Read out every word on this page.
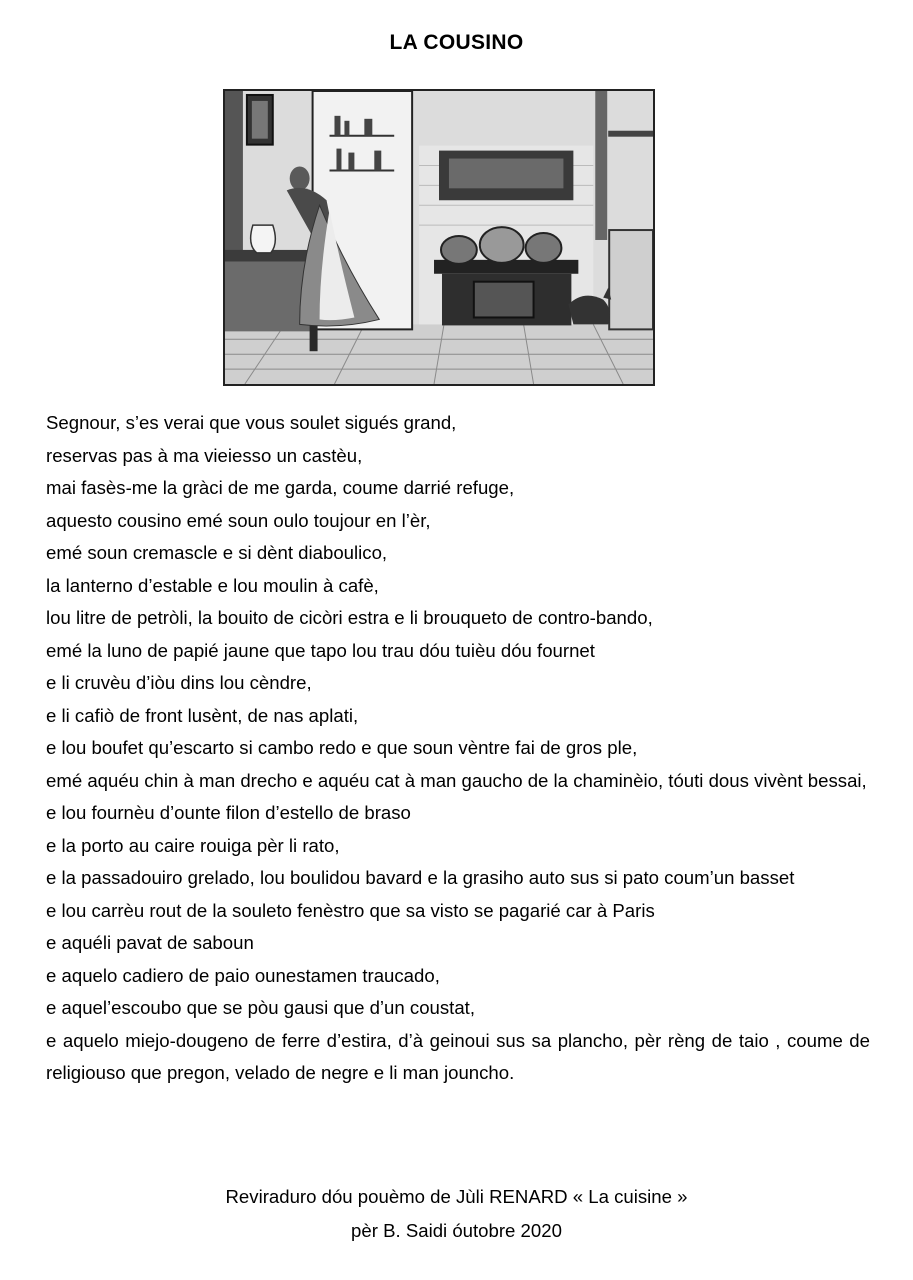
LA COUSINO
Segnour, s’es verai que vous soulet sigués grand,
reservas pas à ma vieiesso un castèu,
mai fasès-me la gràci de me garda, coume darrié refuge,
aquesto cousino emé soun oulo toujour en l’èr,
emé soun cremascle e si dènt diaboulico,
la lanterno d’estable e lou moulin à cafè,
lou litre de petròli, la bouito de cicòri estra e li brouqueto de contro-bando,
emé la luno de papié jaune que tapo lou trau dóu tuièu dóu fournet
e li cruvèu d’iòu dins lou cèndre,
e li cafiò de front lusènt, de nas aplati,
e lou boufet qu’escarto si cambo redo e que soun vèntre fai de gros ple,
emé aquéu chin à man drecho e aquéu cat à man gaucho de la chaminèio, tóuti dous vivènt bessai,
e lou fournèu d’ounte filon d’estello de braso
e la porto au caire rouiga pèr li rato,
e la passadouiro grelado, lou boulidou bavard e la grasiho auto sus si pato coum’un basset
e lou carrèu rout de la souleto fenèstro que sa visto se pagarié car à Paris
e aquéli pavat de saboun
e aquelo cadiero de paio ounestamen traucado,
e aquel’escoubo que se pòu gausi que d’un coustat,
e aquelo miejo-dougeno de ferre d’estira, d’à geinoui sus sa plancho, pèr rèng de taio , coume de religiouso que pregon, velado de negre e li man jouncho.
Reviraduro dóu pouèmo de Jùli RENARD « La cuisine »
pèr B. Saidi óutobre 2020
